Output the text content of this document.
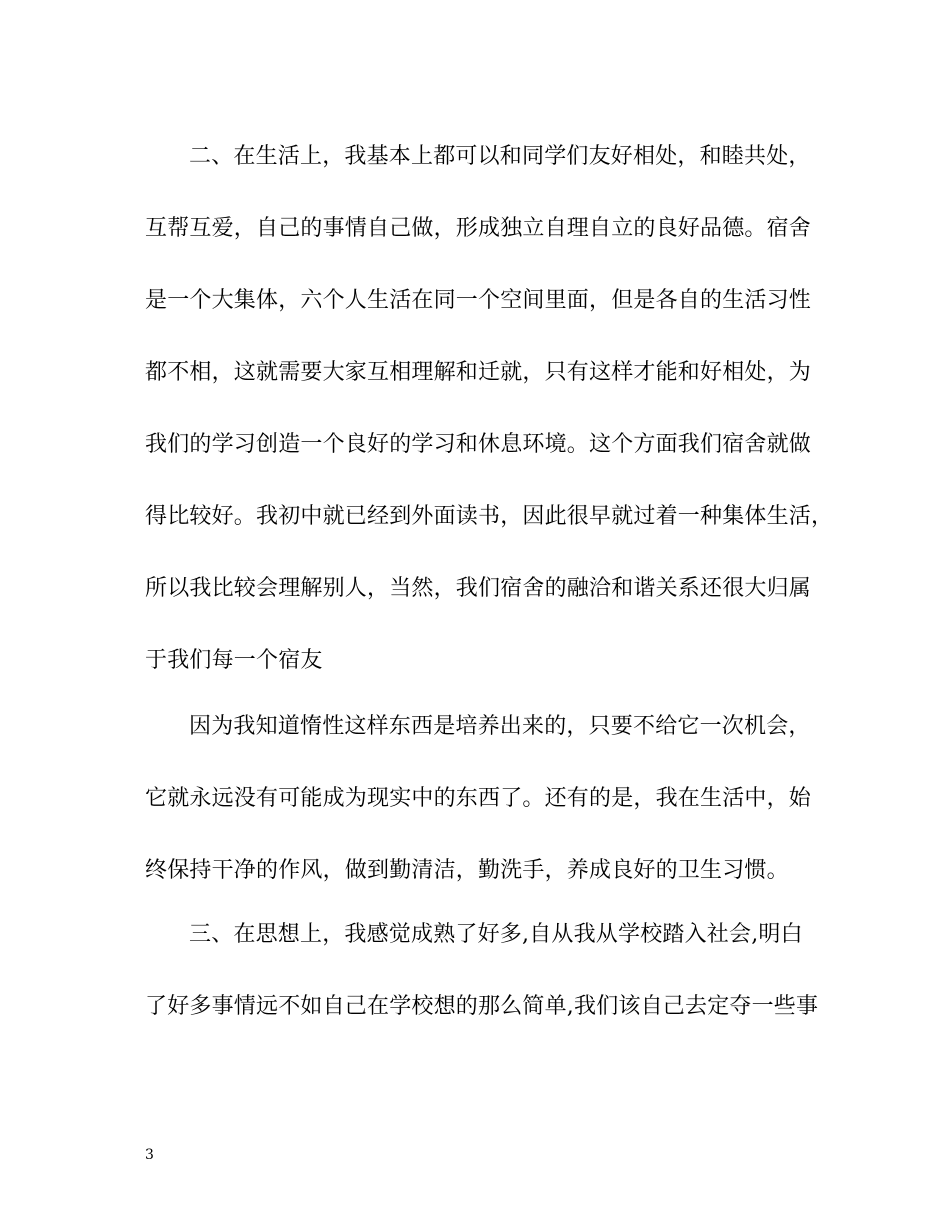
二、在生活上，我基本上都可以和同学们友好相处，和睦共处，
互帮互爱，自己的事情自己做，形成独立自理自立的良好品德。宿舍
是一个大集体，六个人生活在同一个空间里面，但是各自的生活习性
都不相，这就需要大家互相理解和迁就，只有这样才能和好相处，为
我们的学习创造一个良好的学习和休息环境。这个方面我们宿舍就做
得比较好。我初中就已经到外面读书，因此很早就过着一种集体生活，
所以我比较会理解别人，当然，我们宿舍的融洽和谐关系还很大归属
于我们每一个宿友
因为我知道惰性这样东西是培养出来的，只要不给它一次机会，
它就永远没有可能成为现实中的东西了。还有的是，我在生活中，始
终保持干净的作风，做到勤清洁，勤洗手，养成良好的卫生习惯。
三、在思想上，我感觉成熟了好多,自从我从学校踏入社会,明白
了好多事情远不如自己在学校想的那么简单,我们该自己去定夺一些事
3
